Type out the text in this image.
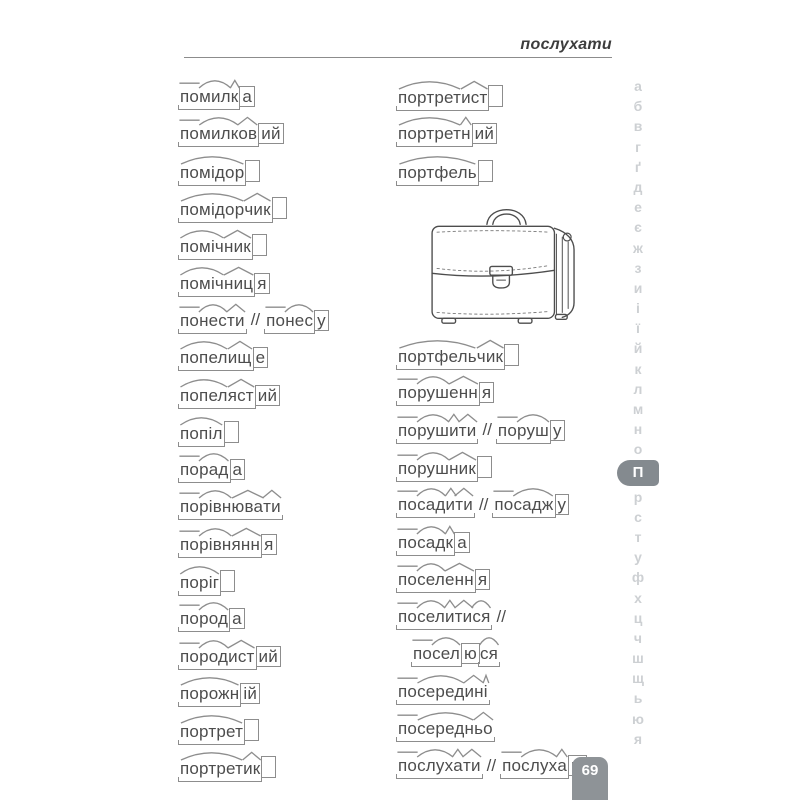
послухати
по
мил
к а
по
милк
ов ий
помідор
помідор
чик
поміч
ник
поміч
ниц я
по
нес
ти // по
нес у
попел
ищ е
попел
яст ий
попіл
по
рад а
по
рівн
юва
ти
по
рівн
янн я
поріг
по
род а
по
род
ист ий
порожн ій
портрет
портрет
ик
портрет
ист
портрет
н ий
портфель
портфель
чик
по
руш
енн я
по
руш
и
ти // по
руш у
по
руш
ник
по
сад
и
ти // по
садж у
по
сад
к а
по
сел
енн я
по
сел
и
ти
ся //
по
сел ю ся
по
серед
ин
і
по
середн
ьо
по
слух
а
ти // по
слух
а
а
б
в
г
ґ
д
е
є
ж
з
и
і
ї
й
к
л
м
н
о
П
р
с
т
у
ф
х
ц
ч
ш
щ
ь
ю
я
69
